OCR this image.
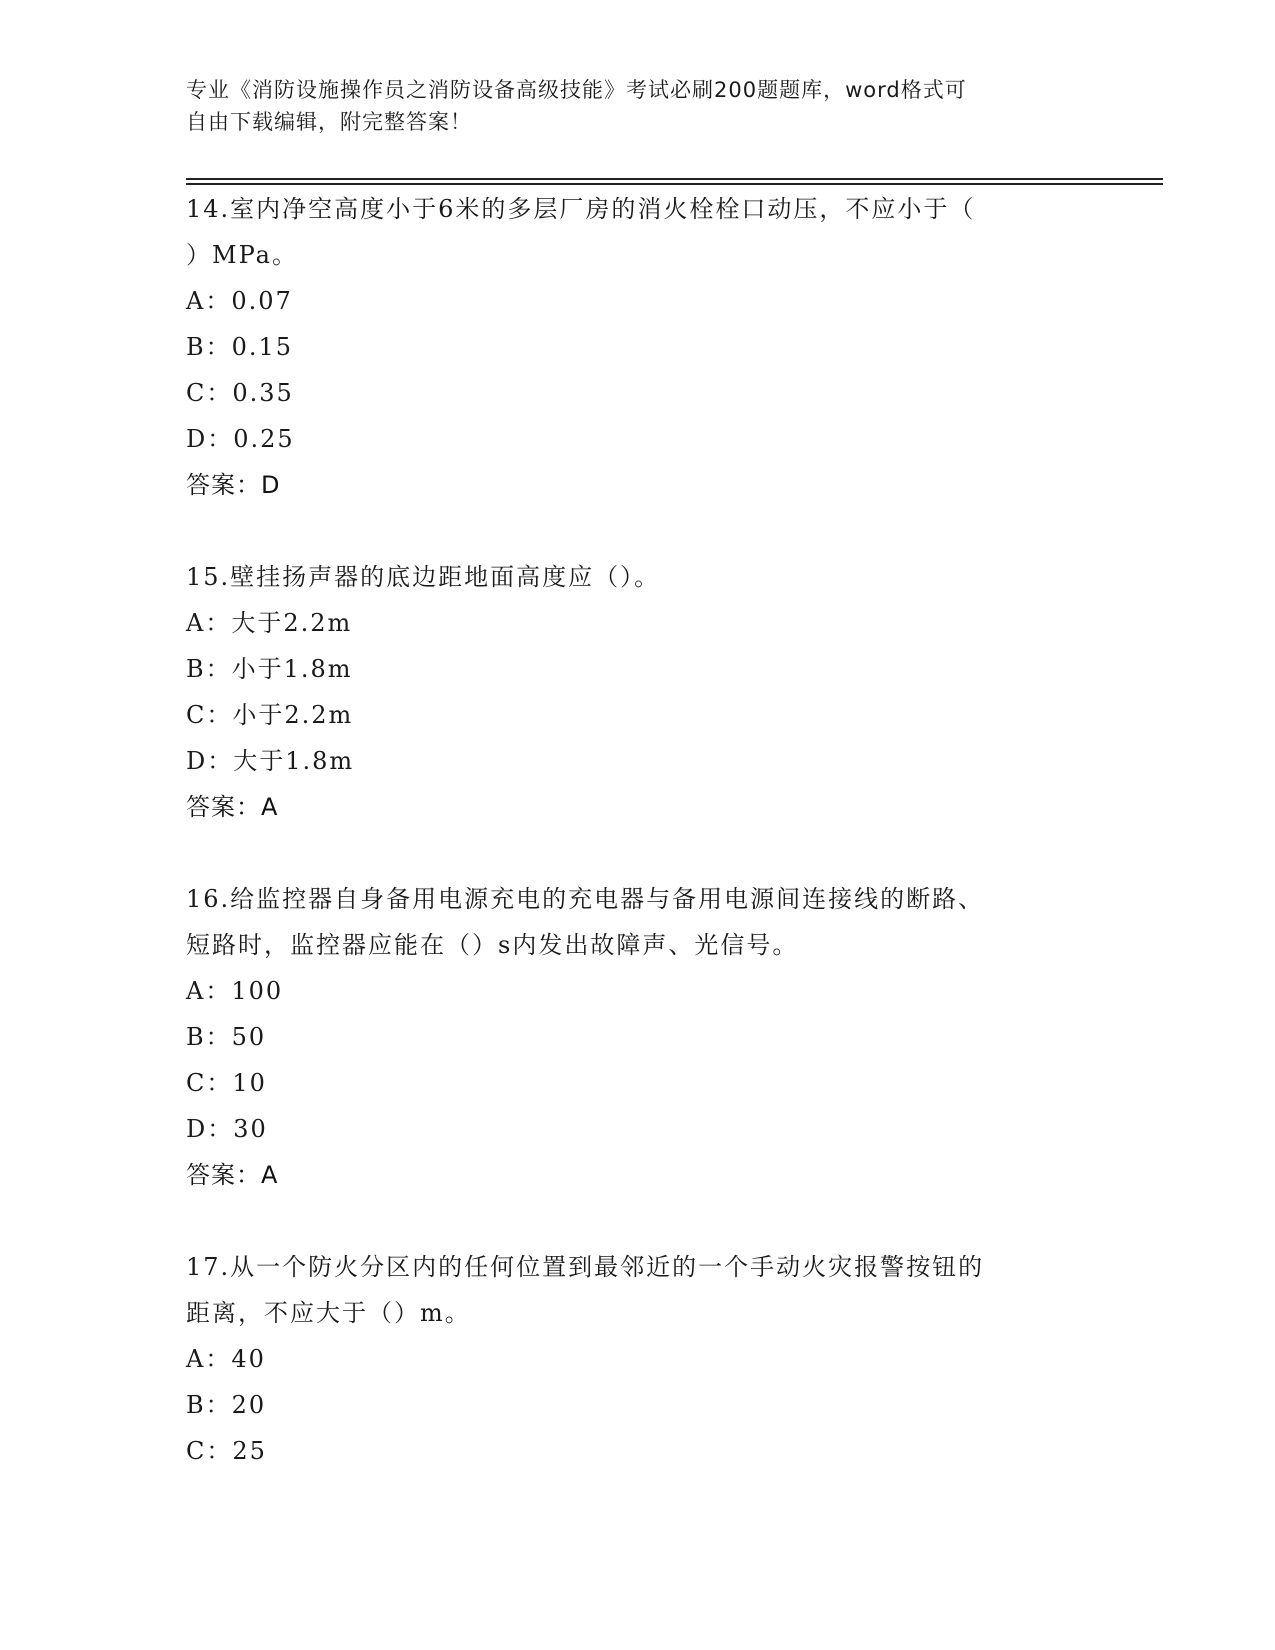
专业《消防设施操作员之消防设备高级技能》考试必刷200题题库，word格式可
自由下载编辑，附完整答案！
14.室内净空高度小于6米的多层厂房的消火栓栓口动压，不应小于（
）MPa。
A：0.07
B：0.15
C：0.35
D：0.25
答案：D
15.壁挂扬声器的底边距地面高度应（）。
A：大于2.2m
B：小于1.8m
C：小于2.2m
D：大于1.8m
答案：A
16.给监控器自身备用电源充电的充电器与备用电源间连接线的断路、
短路时，监控器应能在（）s内发出故障声、光信号。
A：100
B：50
C：10
D：30
答案：A
17.从一个防火分区内的任何位置到最邻近的一个手动火灾报警按钮的
距离，不应大于（）m。
A：40
B：20
C：25
